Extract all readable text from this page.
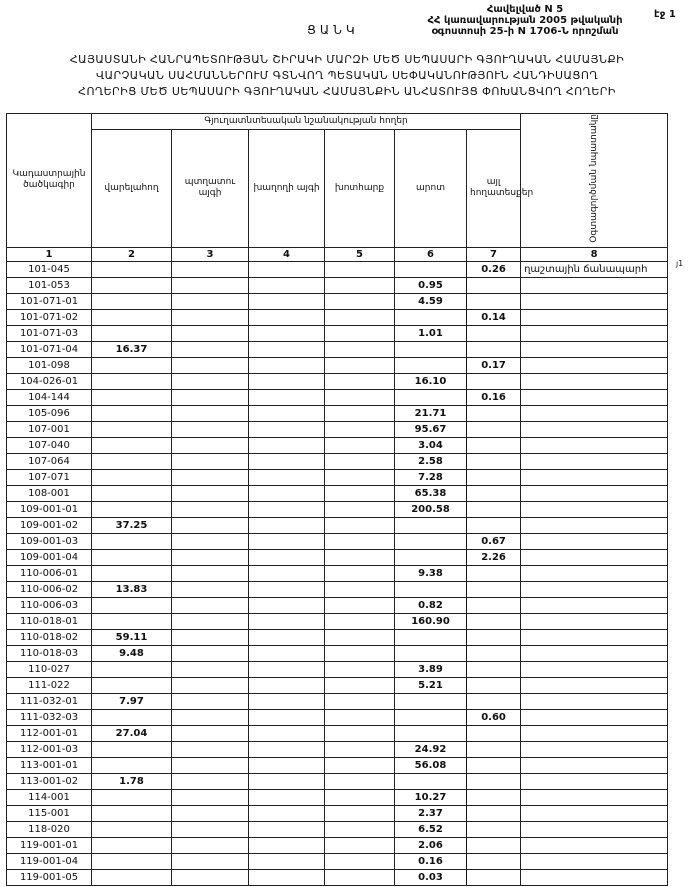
Հավելված N 5
ՀՀ կառավարության 2005 թվականի
օգոստոսի 25-ի N 1706-Ն որոշման
էջ 1
ՑԱՆԿ
ՀԱՅԱՍՏԱՆԻ ՀԱՆՐԱՊԵՏՈՒԹՅԱՆ ՇԻՐԱԿԻ ՄԱՐԶԻ ՄԵԾ ՍԵՊԱՍԱՐԻ ԳՅՈՒՂԱԿԱՆ ՀԱՄԱՅՆՔԻ
ՎԱՐՉԱԿԱՆ ՍԱՀՄԱՆՆԵՐՈՒՄ ԳՏՆՎՈՂ ՊԵՏԱԿԱՆ ՍԵՓԱԿԱՆՈՒԹՅՈՒՆ ՀԱՆԴԻՍԱՑՈՂ
ՀՈՂԵՐԻՑ ՄԵԾ ՍԵՊԱՍԱՐԻ ԳՅՈՒՂԱԿԱՆ ՀԱՄԱՅՆՔԻՆ ԱՆՀԱՏՈՒՅՑ ՓՈԽԱՆՑՎՈՂ ՀՈՂԵՐԻ
Կադաստրային ծածկագիր	Գյուղատնտեսական նշանակության հողեր						Օգտագործման նպատակը
	վարելահող	պտղատու այգի	խաղողի այգի	խոտհարք	արոտ	այլ հողատեսքեր	
1	2	3	4	5	6	7	8
101-045						0.26	ղաշտային ճանապարհ
101-053					0.95		
101-071-01					4.59		
101-071-02						0.14	
101-071-03					1.01		
101-071-04	16.37						
101-098						0.17	
104-026-01					16.10		
104-144						0.16	
105-096					21.71		
107-001					95.67		
107-040					3.04		
107-064					2.58		
107-071					7.28		
108-001					65.38		
109-001-01					200.58		
109-001-02	37.25						
109-001-03						0.67	
109-001-04						2.26	
110-006-01					9.38		
110-006-02	13.83						
110-006-03					0.82		
110-018-01					160.90		
110-018-02	59.11						
110-018-03	9.48						
110-027					3.89		
111-022					5.21		
111-032-01	7.97						
111-032-03						0.60	
112-001-01	27.04						
112-001-03					24.92		
113-001-01					56.08		
113-001-02	1.78						
114-001					10.27		
115-001					2.37		
118-020					6.52		
119-001-01					2.06		
119-001-04					0.16		
119-001-05					0.03		
յ1
